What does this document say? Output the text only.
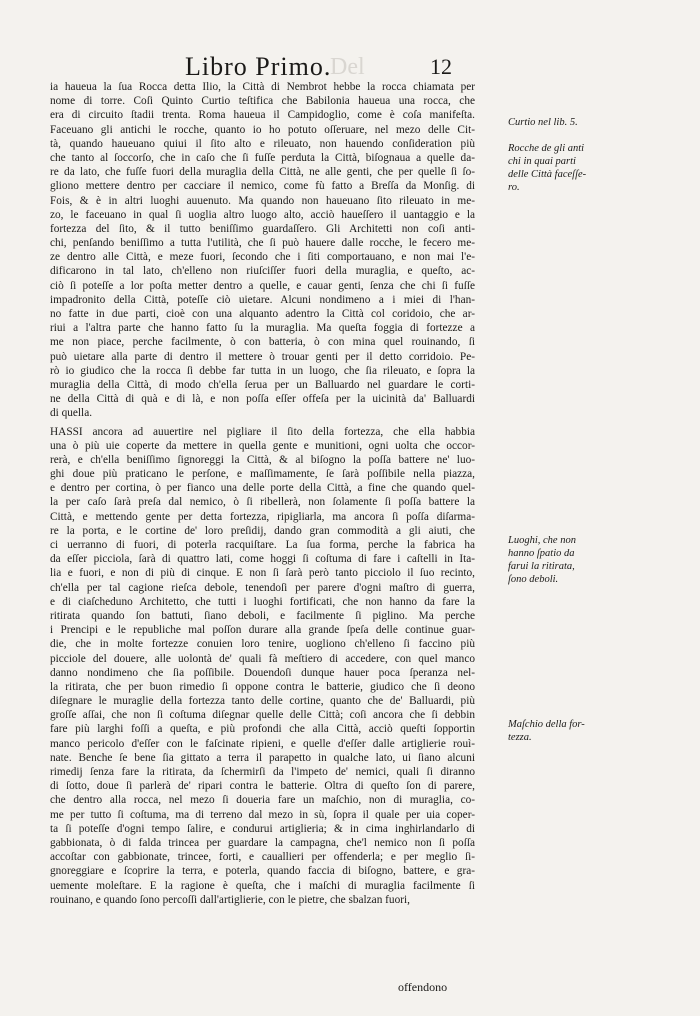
Libro Primo.
Del	12
ia haueua la ſua Rocca detta Ilio, la Città di Nembrot hebbe la rocca chiamata per
nome di torre. Coſi Quinto Curtio teſtifica che Babilonia haueua una rocca, che
era di circuito ſtadii trenta. Roma haueua il Campidoglio, come è coſa manifeſta.
Faceuano gli antichi le rocche, quanto io ho potuto oſſeruare, nel mezo delle Cit-
tà, quando haueuano quiui il ſito alto e rileuato, non hauendo conſideration più
che tanto al ſoccorſo, che in caſo che ſi fuſſe perduta la Città, biſognaua a quelle da-
re da lato, che fuſſe fuori della muraglia della Città, ne alle genti, che per quelle ſi ſo-
gliono mettere dentro per cacciare il nemico, come fù fatto a Breſſa da Monſig. di
Fois, & è in altri luoghi auuenuto. Ma quando non haueuano ſito rileuato in me-
zo, le faceuano in qual ſi uoglia altro luogo alto, acciò haueſſero il uantaggio e la
fortezza del ſito, & il tutto beniſſimo guardaſſero. Gli Architetti non coſi anti-
chi, penſando beniſſimo a tutta l'utilità, che ſi può hauere dalle rocche, le fecero me-
ze dentro alle Città, e meze fuori, ſecondo che i ſiti comportauano, e non mai l'e-
dificarono in tal lato, ch'elleno non riuſciſſer fuori della muraglia, e queſto, ac-
ciò ſi poteſſe a lor poſta metter dentro a quelle, e cauar genti, ſenza che chi ſi fuſſe
impadronito della Città, poteſſe ciò uietare. Alcuni nondimeno a i miei di l'han-
no fatte in due parti, cioè con una alquanto adentro la Città col coridoio, che ar-
riui a l'altra parte che hanno fatto ſu la muraglia. Ma queſta foggia di fortezze a
me non piace, perche facilmente, ò con batteria, ò con mina quel rouinando, ſi
può uietare alla parte di dentro il mettere ò trouar genti per il detto corridoio. Pe-
rò io giudico che la rocca ſi debbe far tutta in un luogo, che ſia rileuato, e ſopra la
muraglia della Città, di modo ch'ella ſerua per un Balluardo nel guardare le corti-
ne della Città di quà e di là, e non poſſa eſſer offeſa per la uicinità da' Balluardi
di quella.
HASSI ancora ad auuertire nel pigliare il ſito della fortezza, che ella habbia
una ò più uie coperte da mettere in quella gente e munitioni, ogni uolta che occor-
rerà, e ch'ella beniſſimo ſignoreggi la Città, & al biſogno la poſſa battere ne' luo-
ghi doue più praticano le perſone, e maſſimamente, ſe ſarà poſſibile nella piazza,
e dentro per cortina, ò per fianco una delle porte della Città, a fine che quando quel-
la per caſo ſarà preſa dal nemico, ò ſi ribellerà, non ſolamente ſi poſſa battere la
Città, e mettendo gente per detta fortezza, ripigliarla, ma ancora ſi poſſa diſarma-
re la porta, e le cortine de' loro preſidij, dando gran commodità a gli aiuti, che
ci uerranno di fuori, di poterla racquiſtare. La ſua forma, perche la fabrica ha
da eſſer picciola, ſarà di quattro lati, come hoggi ſi coſtuma di fare i caſtelli in Ita-
lia e fuori, e non di più di cinque. E non ſi ſarà però tanto picciolo il ſuo recinto,
ch'ella per tal cagione rieſca debole, tenendoſi per parere d'ogni maſtro di guerra,
e di ciaſcheduno Architetto, che tutti i luoghi fortificati, che non hanno da fare la
ritirata quando ſon battuti, ſiano deboli, e facilmente ſi piglino. Ma perche
i Prencipi e le republiche mal poſſon durare alla grande ſpeſa delle continue guar-
die, che in molte fortezze conuien loro tenire, uogliono ch'elleno ſi faccino più
picciole del douere, alle uolontà de' quali fà meſtiero di accedere, con quel manco
danno nondimeno che ſia poſſibile. Douendoſi dunque hauer poca ſperanza nel-
la ritirata, che per buon rimedio ſi oppone contra le batterie, giudico che ſi deono
diſegnare le muraglie della fortezza tanto delle cortine, quanto che de' Balluardi, più
groſſe aſſai, che non ſi coſtuma diſegnar quelle delle Città; coſi ancora che ſi debbin
fare più larghi foſſi a queſta, e più profondi che alla Città, acciò queſti ſopportin
manco pericolo d'eſſer con le faſcinate ripieni, e quelle d'eſſer dalle artiglierie rouì-
nate. Benche ſe bene ſia gittato a terra il parapetto in qualche lato, ui ſiano alcuni
rimedij ſenza fare la ritirata, da ſchermirſi da l'impeto de' nemici, quali ſi diranno
di ſotto, doue ſi parlerà de' ripari contra le batterie. Oltra di queſto ſon di parere,
che dentro alla rocca, nel mezo ſi doueria fare un maſchio, non di muraglia, co-
me per tutto ſi coſtuma, ma di terreno dal mezo in sù, ſopra il quale per uia coper-
ta ſi poteſſe d'ogni tempo ſalire, e condurui artiglieria; & in cima inghirlandarlo di
gabbionata, ò di falda trincea per guardare la campagna, che'l nemico non ſi poſſa
accoſtar con gabbionate, trincee, forti, e cauallieri per offenderla; e per meglio ſi-
gnoreggiare e ſcoprire la terra, e poterla, quando faccia di biſogno, battere, e gra-
uemente moleſtare. E la ragione è queſta, che i maſchi di muraglia facilmente ſi
rouinano, e quando ſono percoſſi dall'artiglierie, con le pietre, che sbalzan fuori,
offendono
Curtio nel lib. 5.
Rocche de gli anti
chi in quai parti
delle Città faceſſe-
ro.
Luoghi, che non
hanno ſpatio da
farui la ritirata,
ſono deboli.
Maſchio della for-
tezza.
